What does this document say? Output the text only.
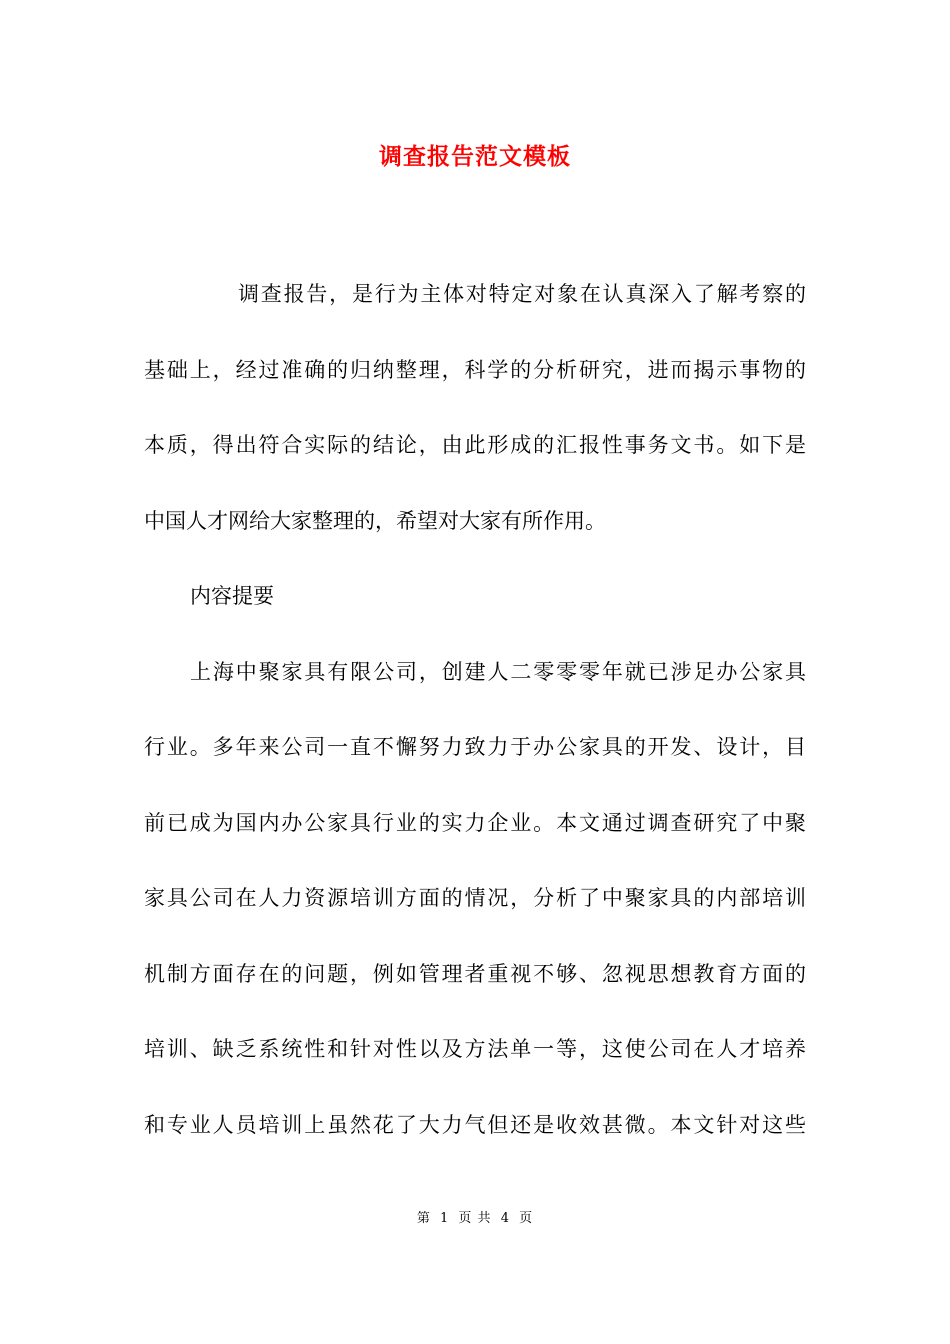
调查报告范文模板
调查报告，是行为主体对特定对象在认真深入了解考察的
基础上，经过准确的归纳整理，科学的分析研究，进而揭示事物的
本质，得出符合实际的结论，由此形成的汇报性事务文书。如下是
中国人才网给大家整理的，希望对大家有所作用。
内容提要
上海中聚家具有限公司，创建人二零零零年就已涉足办公家具
行业。多年来公司一直不懈努力致力于办公家具的开发、设计，目
前已成为国内办公家具行业的实力企业。本文通过调查研究了中聚
家具公司在人力资源培训方面的情况，分析了中聚家具的内部培训
机制方面存在的问题，例如管理者重视不够、忽视思想教育方面的
培训、缺乏系统性和针对性以及方法单一等，这使公司在人才培养
和专业人员培训上虽然花了大力气但还是收效甚微。本文针对这些
第 1 页 共 4 页
